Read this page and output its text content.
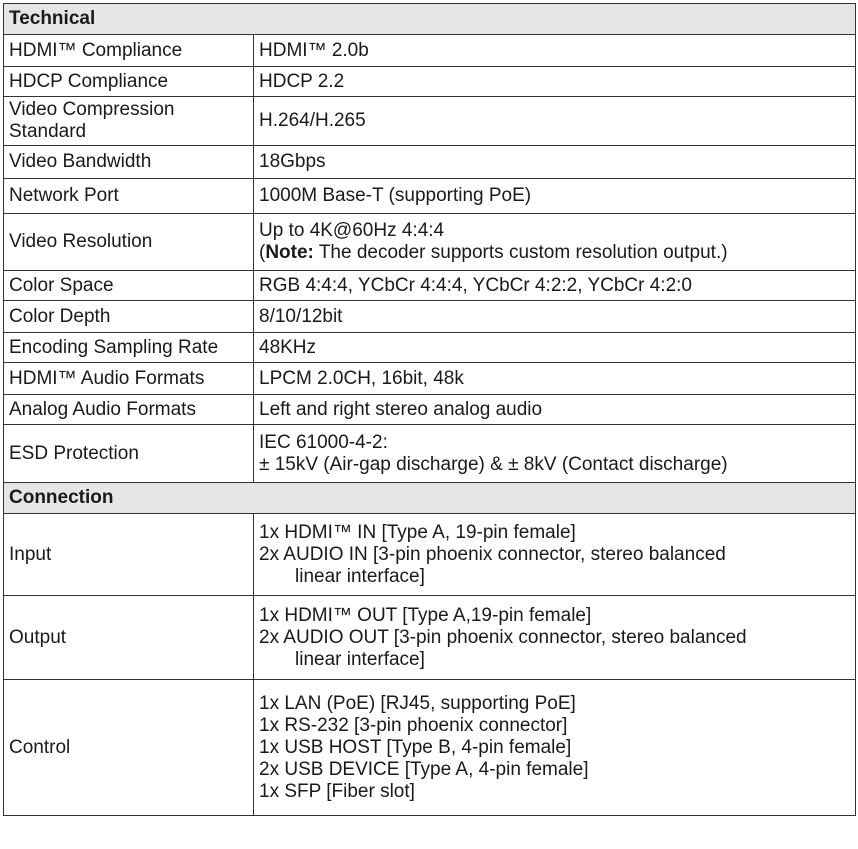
Technical	
HDMI™ Compliance	HDMI™ 2.0b
HDCP Compliance	HDCP 2.2

Video Compression
Standard	H.264/H.265
Video Bandwidth	18Gbps
Network Port	1000M Base-T (supporting PoE)
Video Resolution	Up to 4K@60Hz 4:4:4
(Note: The decoder supports custom resolution output.)

Color Space	RGB 4:4:4, YCbCr 4:4:4, YCbCr 4:2:2, YCbCr 4:2:0
Color Depth	8/10/12bit
Encoding Sampling Rate	48KHz
HDMI™ Audio Formats	LPCM 2.0CH, 16bit, 48k
Analog Audio Formats	Left and right stereo analog audio
ESD Protection	IEC 61000-4-2:
± 15kV (Air-gap discharge) & ± 8kV (Contact discharge)

Connection	
Input	1x HDMI™ IN [Type A, 19-pin female]
2x AUDIO IN [3-pin phoenix connector, stereo balanced
linear interface]

Output	1x HDMI™ OUT [Type A,19-pin female]
2x AUDIO OUT [3-pin phoenix connector, stereo balanced
linear interface]

Control	1x LAN (PoE) [RJ45, supporting PoE]
1x RS-232 [3-pin phoenix connector]
1x USB HOST [Type B, 4-pin female]
2x USB DEVICE [Type A, 4-pin female]
1x SFP [Fiber slot]
